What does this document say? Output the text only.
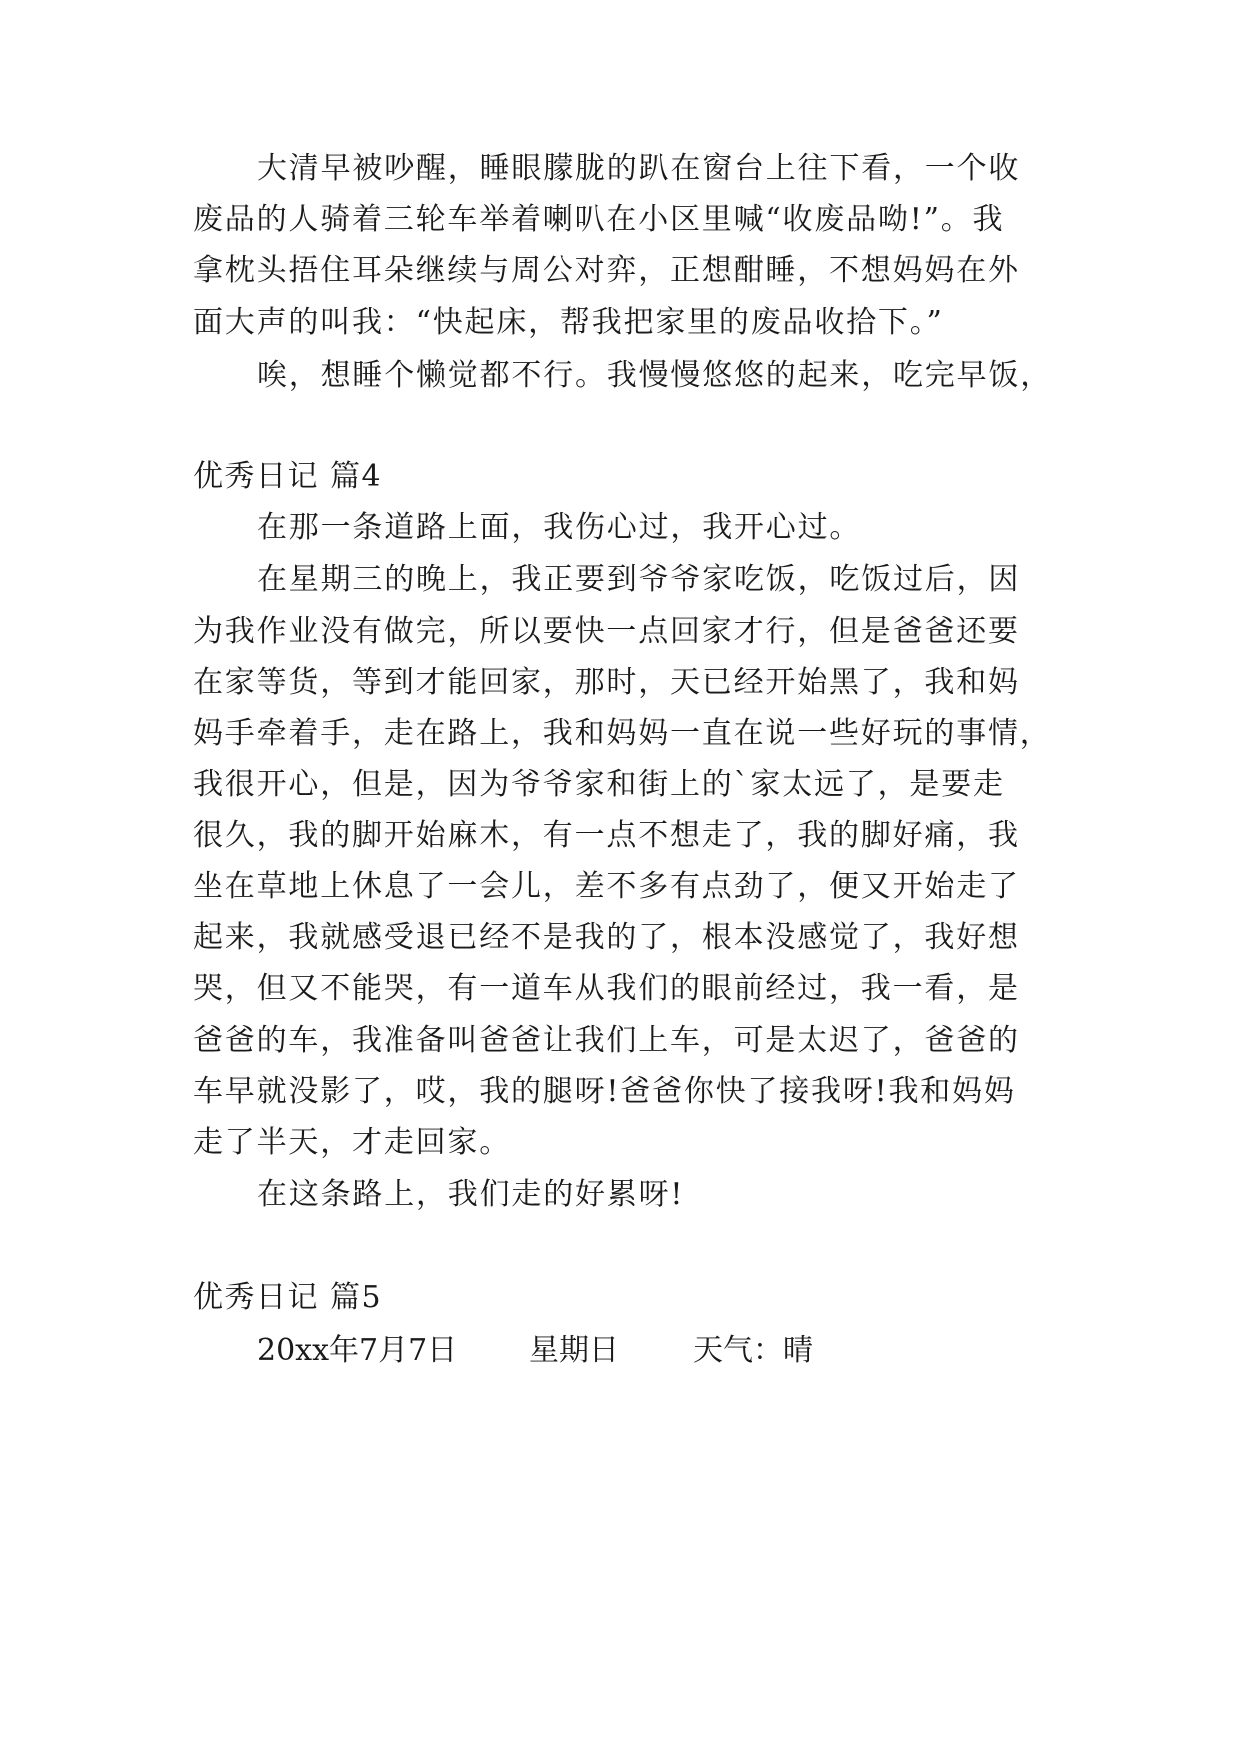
大清早被吵醒，睡眼朦胧的趴在窗台上往下看，一个收
废品的人骑着三轮车举着喇叭在小区里喊“收废品呦!”。我
拿枕头捂住耳朵继续与周公对弈，正想酣睡，不想妈妈在外
面大声的叫我：“快起床，帮我把家里的废品收拾下。”
唉，想睡个懒觉都不行。我慢慢悠悠的起来，吃完早饭，
优秀日记 篇4
在那一条道路上面，我伤心过，我开心过。
在星期三的晚上，我正要到爷爷家吃饭，吃饭过后，因
为我作业没有做完，所以要快一点回家才行，但是爸爸还要
在家等货，等到才能回家，那时，天已经开始黑了，我和妈
妈手牵着手，走在路上，我和妈妈一直在说一些好玩的事情，
我很开心，但是，因为爷爷家和街上的`家太远了，是要走
很久，我的脚开始麻木，有一点不想走了，我的脚好痛，我
坐在草地上休息了一会儿，差不多有点劲了，便又开始走了
起来，我就感受退已经不是我的了，根本没感觉了，我好想
哭，但又不能哭，有一道车从我们的眼前经过，我一看，是
爸爸的车，我准备叫爸爸让我们上车，可是太迟了，爸爸的
车早就没影了，哎，我的腿呀!爸爸你快了接我呀!我和妈妈
走了半天，才走回家。
在这条路上，我们走的好累呀!
优秀日记 篇5
20xx年7月7日 星期日 天气：晴
